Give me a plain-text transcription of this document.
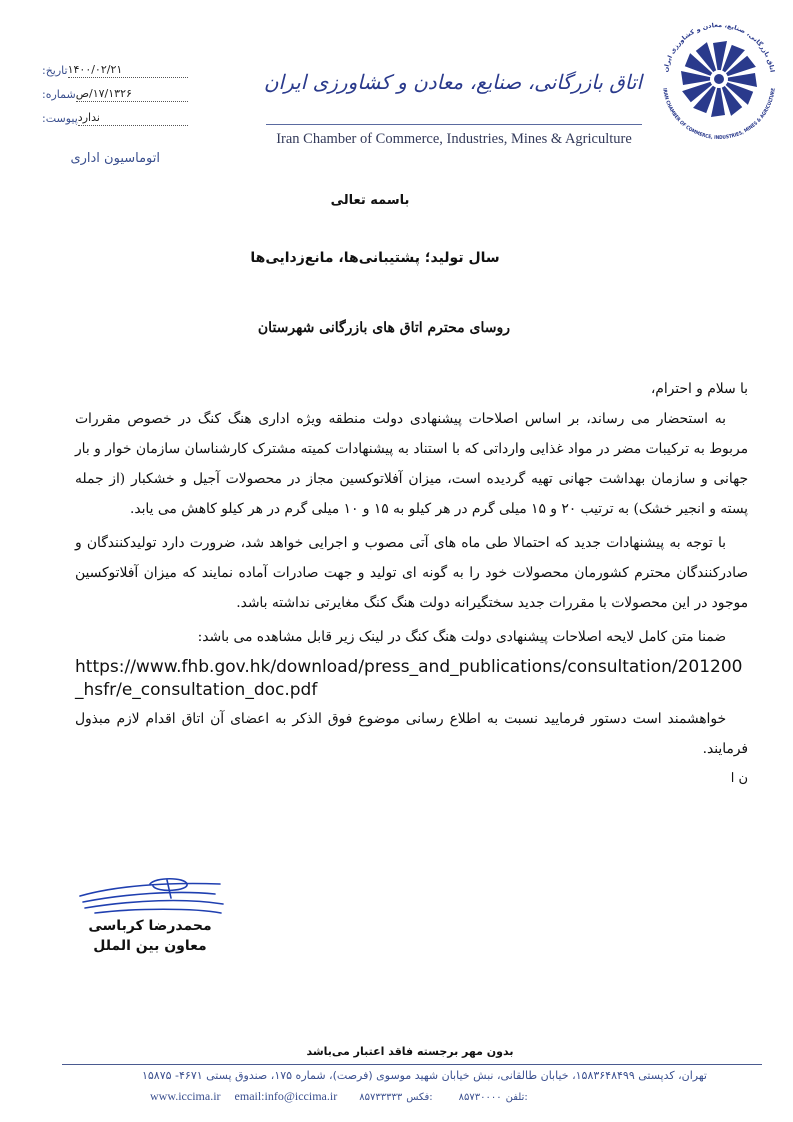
تاریخ: ۱۴۰۰/۰۲/۲۱
شماره: ۱۷/۱۳۲۶/ص
پیوست: ندارد
اتوماسیون اداری
اتاق بازرگانی، صنایع، معادن و کشاورزی ایران
Iran Chamber of Commerce, Industries, Mines & Agriculture
اتاق بازرگانی، صنایع، معادن و کشاورزی ایران
IRAN CHAMBER OF COMMERCE, INDUSTRIES, MINES & AGRICULTURE
باسمه تعالی
سال تولید؛ پشتیبانی‌ها، مانع‌زدایی‌ها
روسای محترم اتاق های بازرگانی شهرستان
با سلام و احترام،

به استحضار می رساند، بر اساس اصلاحات پیشنهادی دولت منطقه ویژه اداری هنگ کنگ در خصوص مقررات مربوط به ترکیبات مضر در مواد غذایی وارداتی که با استناد به پیشنهادات کمیته مشترک کارشناسان سازمان خوار و بار جهانی و سازمان بهداشت جهانی تهیه گردیده است، میزان آفلاتوکسین مجاز در محصولات آجیل و خشکبار (از جمله پسته و انجیر خشک) به ترتیب ۲۰ و ۱۵ میلی گرم در هر کیلو به ۱۵ و ۱۰ میلی گرم در هر کیلو کاهش می یابد.

با توجه به پیشنهادات جدید که احتمالا طی ماه های آتی مصوب و اجرایی خواهد شد، ضرورت دارد تولیدکنندگان و صادرکنندگان محترم کشورمان محصولات خود را به گونه ای تولید و جهت صادرات آماده نمایند که میزان آفلاتوکسین موجود در این محصولات با مقررات جدید سختگیرانه دولت هنگ کنگ مغایرتی نداشته باشد.

ضمنا متن کامل لایحه اصلاحات پیشنهادی دولت هنگ کنگ در لینک زیر قابل مشاهده می باشد:

https://www.fhb.gov.hk/download/press_and_publications/consultation/201200_hsfr/e_consultation_doc.pdf

خواهشمند است دستور فرمایید نسبت به اطلاع رسانی موضوع فوق الذکر به اعضای آن اتاق اقدام لازم مبذول فرمایند.

ن ا
محمدرضا کرباسی
معاون بین الملل
بدون مهر برجسته فاقد اعتبار می‌باشد
تهران، کدپستی ۱۵۸۳۶۴۸۴۹۹، خیابان طالقانی، نبش خیابان شهید موسوی (فرصت)، شماره ۱۷۵، صندوق پستی ۴۶۷۱- ۱۵۸۷۵
www.iccima.ir email:info@iccima.ir ۸۵۷۳۳۳۳۳ فکس:	۸۵۷۳۰۰۰۰ تلفن:
